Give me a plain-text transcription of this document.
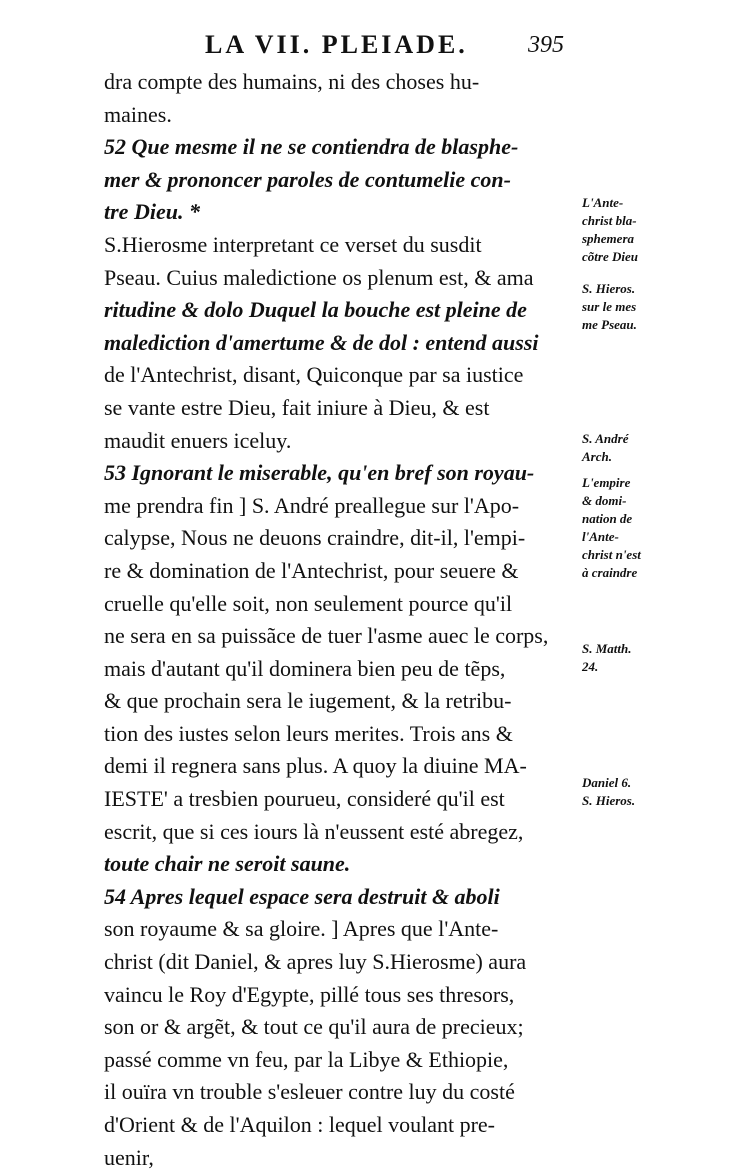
LA VII. PLEIADE.	395
dra compte des humains, ni des choses hu-
maines.
52 Que mesme il ne se contiendra de blasphe-
mer & prononcer paroles de contumelie con-
tre Dieu. *
S.Hierosme interpretant ce verset du susdit
Pseau. Cuius maledictione os plenum est, & ama
ritudine & dolo Duquel la bouche est pleine de
malediction d'amertume & de dol : entend aussi
de l'Antechrist, disant, Quiconque par sa iustice
se vante estre Dieu, fait iniure à Dieu, & est
maudit enuers iceluy.
53 Ignorant le miserable, qu'en bref son royau-
me prendra fin ] S. André preallegue sur l'Apo-
calypse, Nous ne deuons craindre, dit-il, l'empi-
re & domination de l'Antechrist, pour seuere &
cruelle qu'elle soit, non seulement pource qu'il
ne sera en sa puissãce de tuer l'asme auec le corps,
mais d'autant qu'il dominera bien peu de tẽps,
& que prochain sera le iugement, & la retribu-
tion des iustes selon leurs merites. Trois ans &
demi il regnera sans plus. A quoy la diuine MA-
IESTE' a tresbien pourueu, consideré qu'il est
escrit, que si ces iours là n'eussent esté abregez,
toute chair ne seroit saune.
54 Apres lequel espace sera destruit & aboli
son royaume & sa gloire. ] Apres que l'Ante-
christ (dit Daniel, & apres luy S.Hierosme) aura
vaincu le Roy d'Egypte, pillé tous ses thresors,
son or & argẽt, & tout ce qu'il aura de precieux;
passé comme vn feu, par la Libye & Ethiopie,
il ouïra vn trouble s'esleuer contre luy du costé
d'Orient & de l'Aquilon : lequel voulant pre-
uenir,
L'Ante-
christ bla-
sphemera
cõtre Dieu
S. Hieros.
sur le mes
me Pseau.
S. André
Arch.
L'empire
& domi-
nation de
l'Ante-
christ n'est
à craindre
S. Matth.
24.
Daniel 6.
S. Hieros.
